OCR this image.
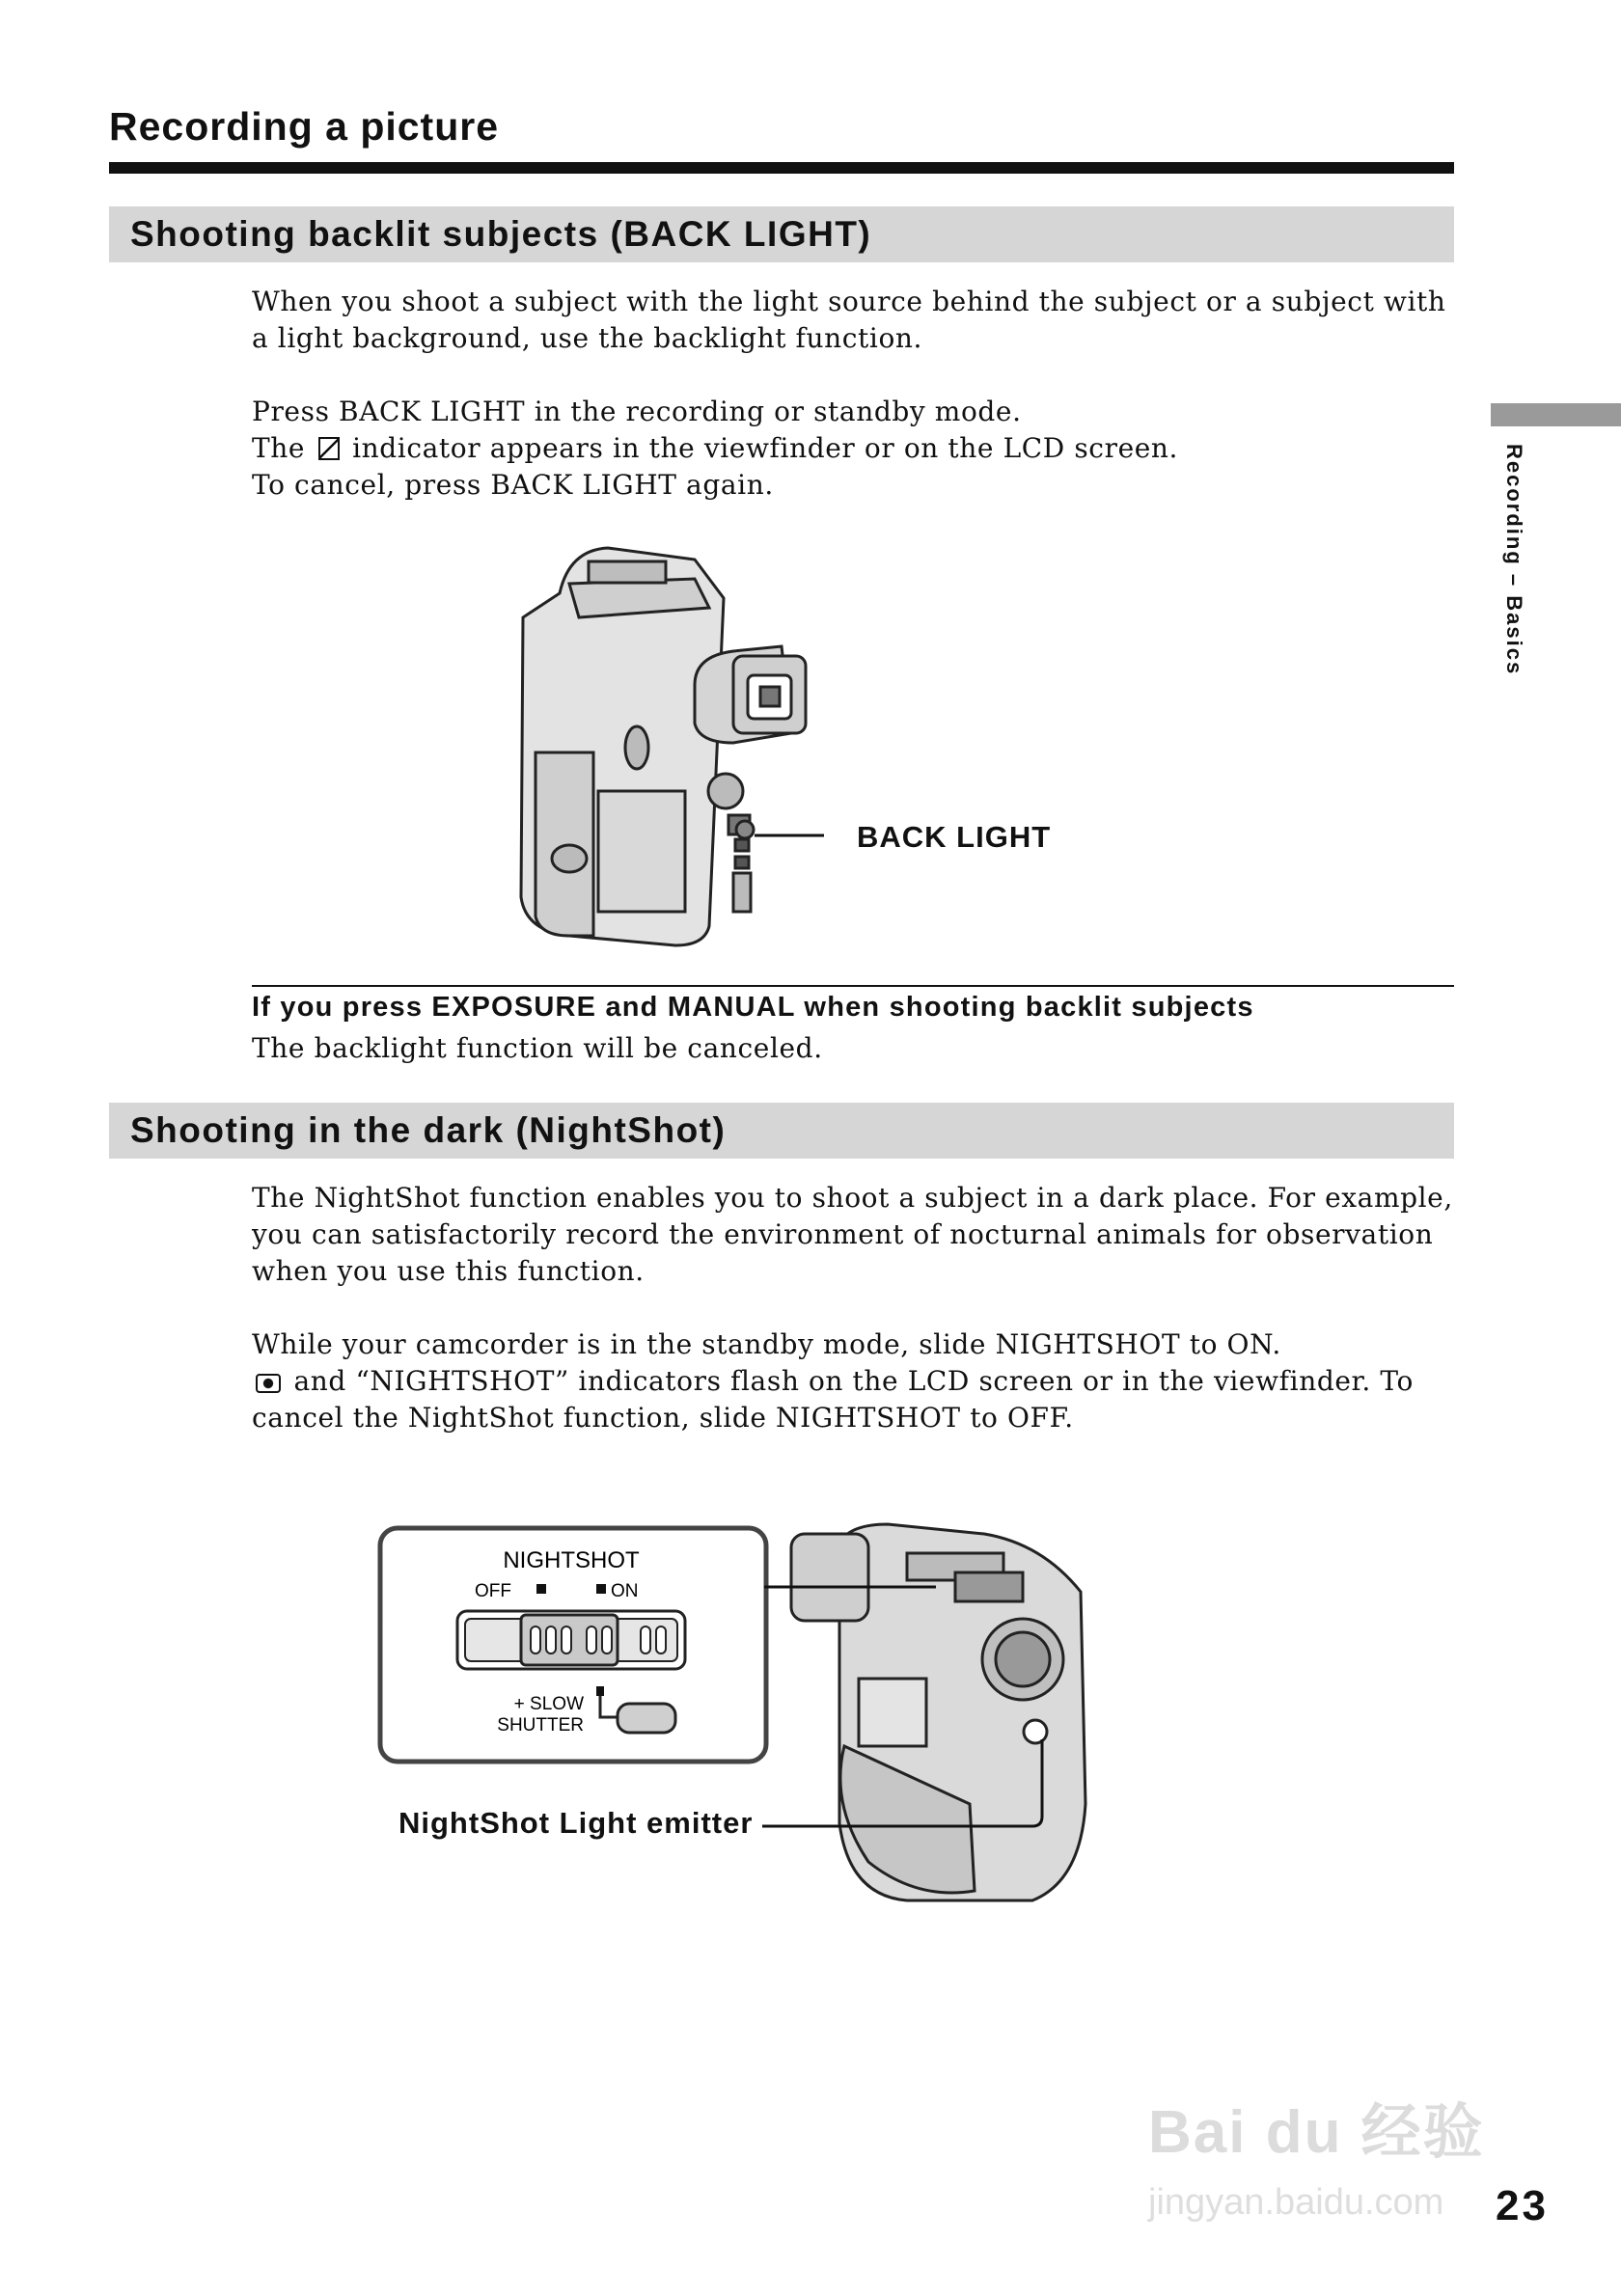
Recording a picture
Recording – Basics
Shooting backlit subjects (BACK LIGHT)
When you shoot a subject with the light source behind the subject or a subject with a light background, use the backlight function.
Press BACK LIGHT in the recording or standby mode.
The  indicator appears in the viewfinder or on the LCD screen.
To cancel, press BACK LIGHT again.
BACK LIGHT
If you press EXPOSURE and MANUAL when shooting backlit subjects
The backlight function will be canceled.
Shooting in the dark (NightShot)
The NightShot function enables you to shoot a subject in a dark place. For example, you can satisfactorily record the environment of nocturnal animals for observation when you use this function.
While your camcorder is in the standby mode, slide NIGHTSHOT to ON.
and “NIGHTSHOT” indicators flash on the LCD screen or in the viewfinder. To cancel the NightShot function, slide NIGHTSHOT to OFF.
NIGHTSHOT
OFF	ON
+ SLOW
SHUTTER
NightShot Light emitter
Bai du 经验
jingyan.baidu.com 23
